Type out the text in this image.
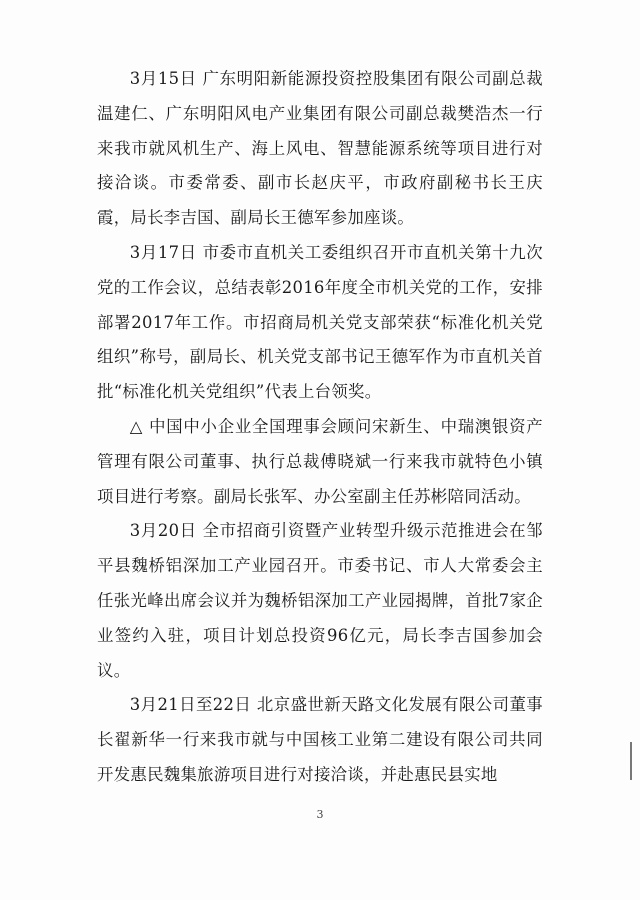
3月15日 广东明阳新能源投资控股集团有限公司副总裁温建仁、广东明阳风电产业集团有限公司副总裁樊浩杰一行来我市就风机生产、海上风电、智慧能源系统等项目进行对接洽谈。市委常委、副市长赵庆平，市政府副秘书长王庆霞，局长李吉国、副局长王德军参加座谈。

3月17日 市委市直机关工委组织召开市直机关第十九次党的工作会议，总结表彰2016年度全市机关党的工作，安排部署2017年工作。市招商局机关党支部荣获“标准化机关党组织”称号，副局长、机关党支部书记王德军作为市直机关首批“标准化机关党组织”代表上台领奖。

△ 中国中小企业全国理事会顾问宋新生、中瑞澳银资产管理有限公司董事、执行总裁傅晓斌一行来我市就特色小镇项目进行考察。副局长张军、办公室副主任苏彬陪同活动。

3月20日 全市招商引资暨产业转型升级示范推进会在邹平县魏桥铝深加工产业园召开。市委书记、市人大常委会主任张光峰出席会议并为魏桥铝深加工产业园揭牌，首批7家企业签约入驻，项目计划总投资96亿元，局长李吉国参加会议。

3月21日至22日 北京盛世新天路文化发展有限公司董事长翟新华一行来我市就与中国核工业第二建设有限公司共同开发惠民魏集旅游项目进行对接洽谈，并赴惠民县实地

3
